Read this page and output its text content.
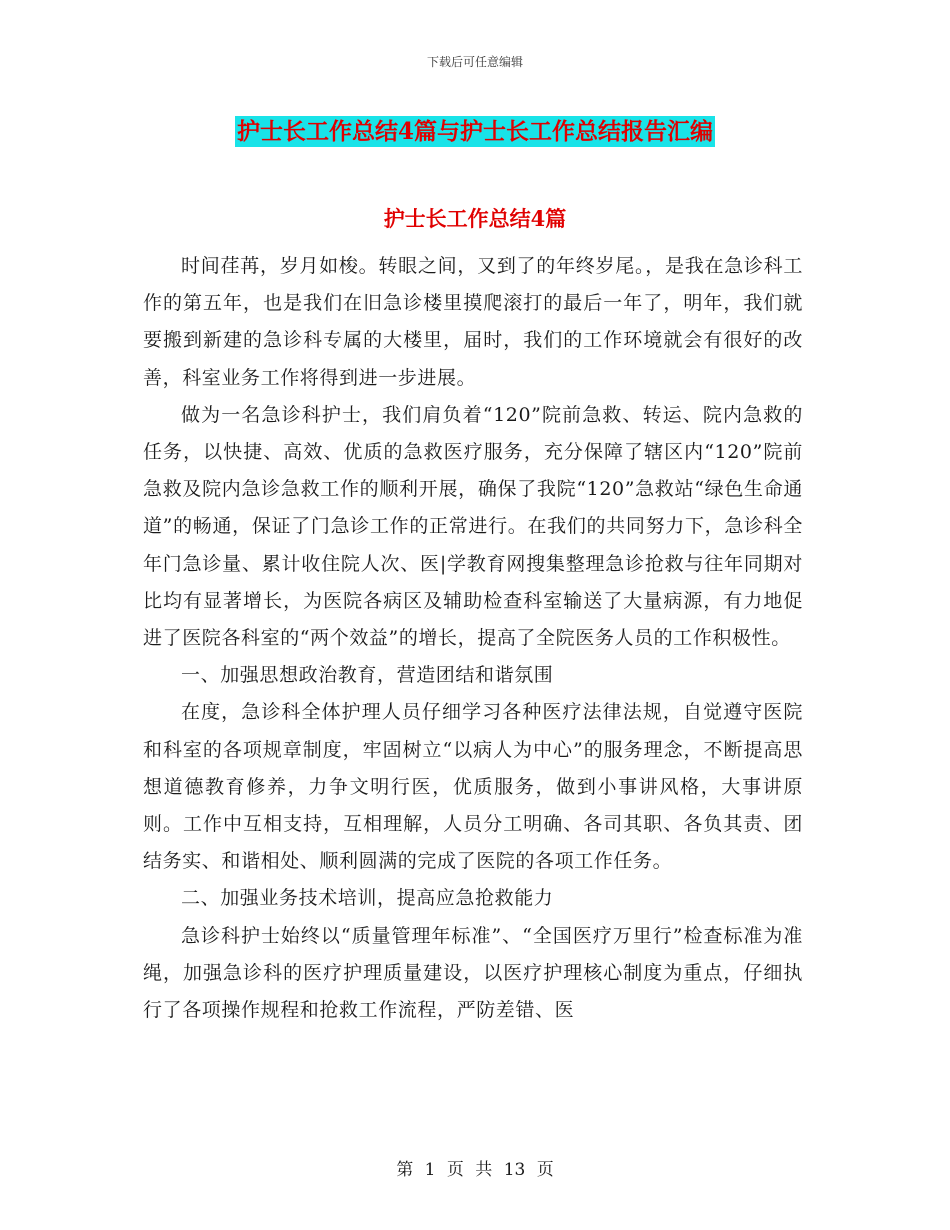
下载后可任意编辑
护士长工作总结4篇与护士长工作总结报告汇编
护士长工作总结4篇

时间荏苒，岁月如梭。转眼之间，又到了的年终岁尾。，是我在急诊科工作的第五年，也是我们在旧急诊楼里摸爬滚打的最后一年了，明年，我们就要搬到新建的急诊科专属的大楼里，届时，我们的工作环境就会有很好的改善，科室业务工作将得到进一步进展。

做为一名急诊科护士，我们肩负着“120”院前急救、转运、院内急救的任务，以快捷、高效、优质的急救医疗服务，充分保障了辖区内“120”院前急救及院内急诊急救工作的顺利开展，确保了我院“120”急救站“绿色生命通道”的畅通，保证了门急诊工作的正常进行。在我们的共同努力下，急诊科全年门急诊量、累计收住院人次、医|学教育网搜集整理急诊抢救与往年同期对比均有显著增长，为医院各病区及辅助检查科室输送了大量病源，有力地促进了医院各科室的“两个效益”的增长，提高了全院医务人员的工作积极性。

一、加强思想政治教育，营造团结和谐氛围

在度，急诊科全体护理人员仔细学习各种医疗法律法规，自觉遵守医院和科室的各项规章制度，牢固树立“以病人为中心”的服务理念，不断提高思想道德教育修养，力争文明行医，优质服务，做到小事讲风格，大事讲原则。工作中互相支持，互相理解，人员分工明确、各司其职、各负其责、团结务实、和谐相处、顺利圆满的完成了医院的各项工作任务。

二、加强业务技术培训，提高应急抢救能力

急诊科护士始终以“质量管理年标准”、“全国医疗万里行”检查标准为准绳，加强急诊科的医疗护理质量建设，以医疗护理核心制度为重点，仔细执行了各项操作规程和抢救工作流程，严防差错、医

第 1 页 共 13 页
